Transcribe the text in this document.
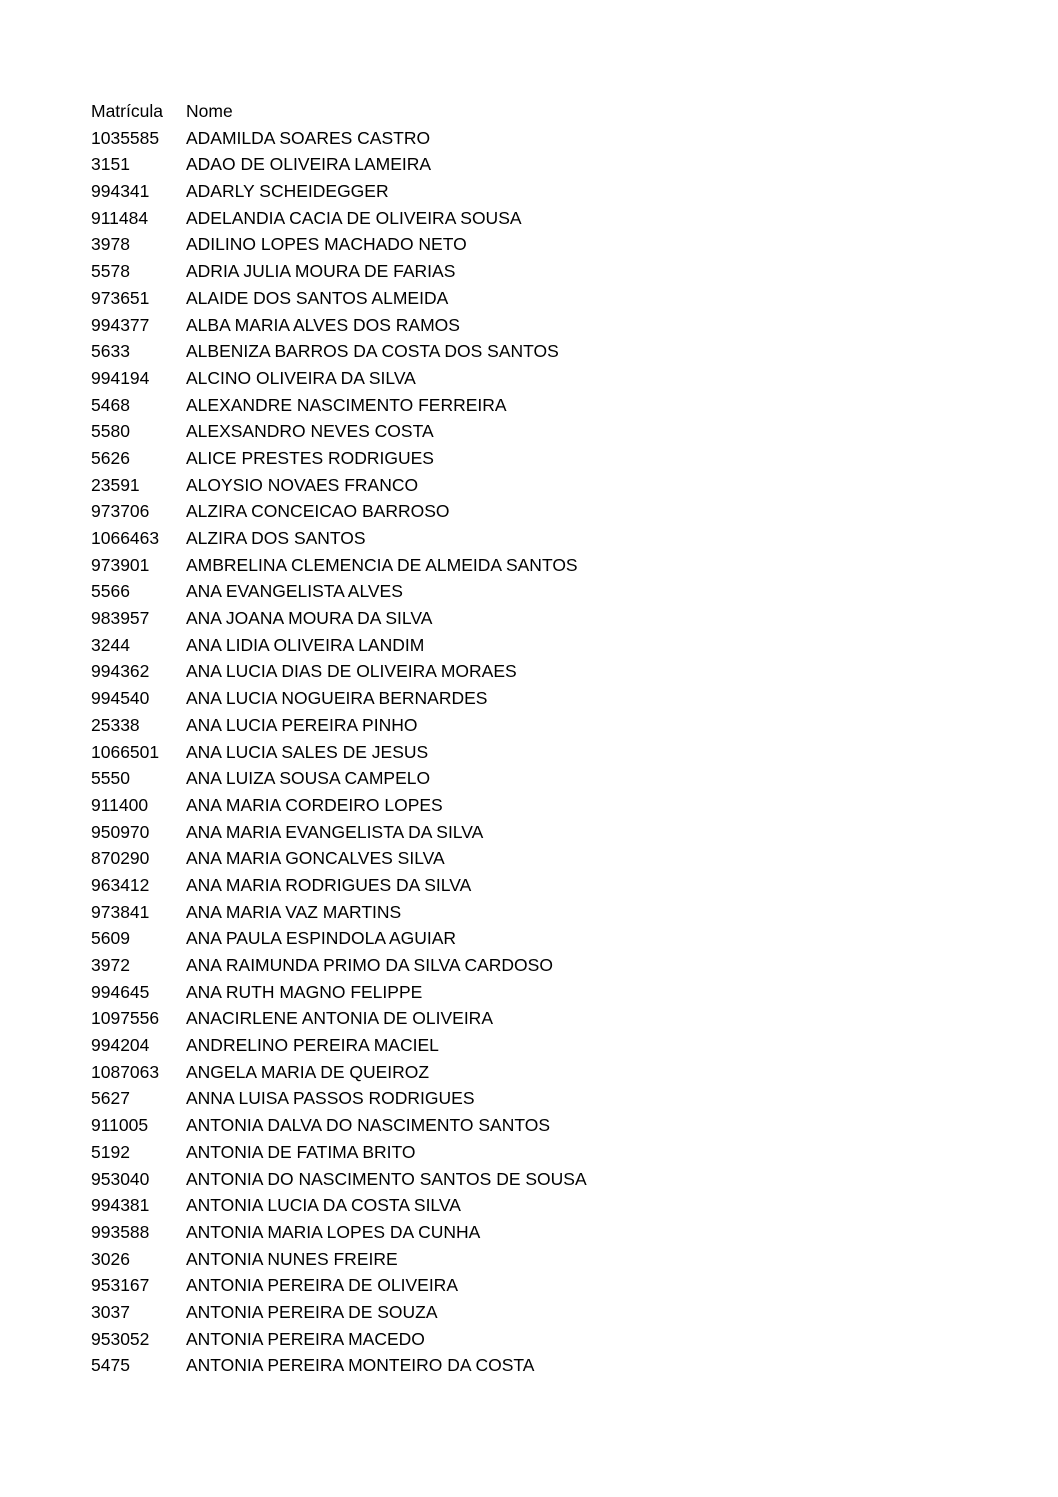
Matrícula	Nome
1035585	ADAMILDA SOARES CASTRO
3151	ADAO DE OLIVEIRA LAMEIRA
994341	ADARLY SCHEIDEGGER
911484	ADELANDIA CACIA DE OLIVEIRA SOUSA
3978	ADILINO LOPES MACHADO NETO
5578	ADRIA JULIA MOURA DE FARIAS
973651	ALAIDE DOS SANTOS ALMEIDA
994377	ALBA MARIA ALVES DOS RAMOS
5633	ALBENIZA BARROS DA COSTA DOS SANTOS
994194	ALCINO OLIVEIRA DA SILVA
5468	ALEXANDRE NASCIMENTO FERREIRA
5580	ALEXSANDRO NEVES COSTA
5626	ALICE PRESTES RODRIGUES
23591	ALOYSIO NOVAES FRANCO
973706	ALZIRA CONCEICAO BARROSO
1066463	ALZIRA DOS SANTOS
973901	AMBRELINA CLEMENCIA DE ALMEIDA SANTOS
5566	ANA EVANGELISTA ALVES
983957	ANA JOANA MOURA DA SILVA
3244	ANA LIDIA OLIVEIRA LANDIM
994362	ANA LUCIA DIAS DE OLIVEIRA MORAES
994540	ANA LUCIA NOGUEIRA BERNARDES
25338	ANA LUCIA PEREIRA PINHO
1066501	ANA LUCIA SALES DE JESUS
5550	ANA LUIZA SOUSA CAMPELO
911400	ANA MARIA CORDEIRO LOPES
950970	ANA MARIA EVANGELISTA DA SILVA
870290	ANA MARIA GONCALVES SILVA
963412	ANA MARIA RODRIGUES DA SILVA
973841	ANA MARIA VAZ MARTINS
5609	ANA PAULA ESPINDOLA AGUIAR
3972	ANA RAIMUNDA PRIMO DA SILVA CARDOSO
994645	ANA RUTH MAGNO FELIPPE
1097556	ANACIRLENE ANTONIA DE OLIVEIRA
994204	ANDRELINO PEREIRA MACIEL
1087063	ANGELA MARIA DE QUEIROZ
5627	ANNA LUISA PASSOS RODRIGUES
911005	ANTONIA DALVA DO NASCIMENTO SANTOS
5192	ANTONIA DE FATIMA BRITO
953040	ANTONIA DO NASCIMENTO SANTOS DE SOUSA
994381	ANTONIA LUCIA DA COSTA SILVA
993588	ANTONIA MARIA LOPES DA CUNHA
3026	ANTONIA NUNES FREIRE
953167	ANTONIA PEREIRA DE OLIVEIRA
3037	ANTONIA PEREIRA DE SOUZA
953052	ANTONIA PEREIRA MACEDO
5475	ANTONIA PEREIRA MONTEIRO DA COSTA
